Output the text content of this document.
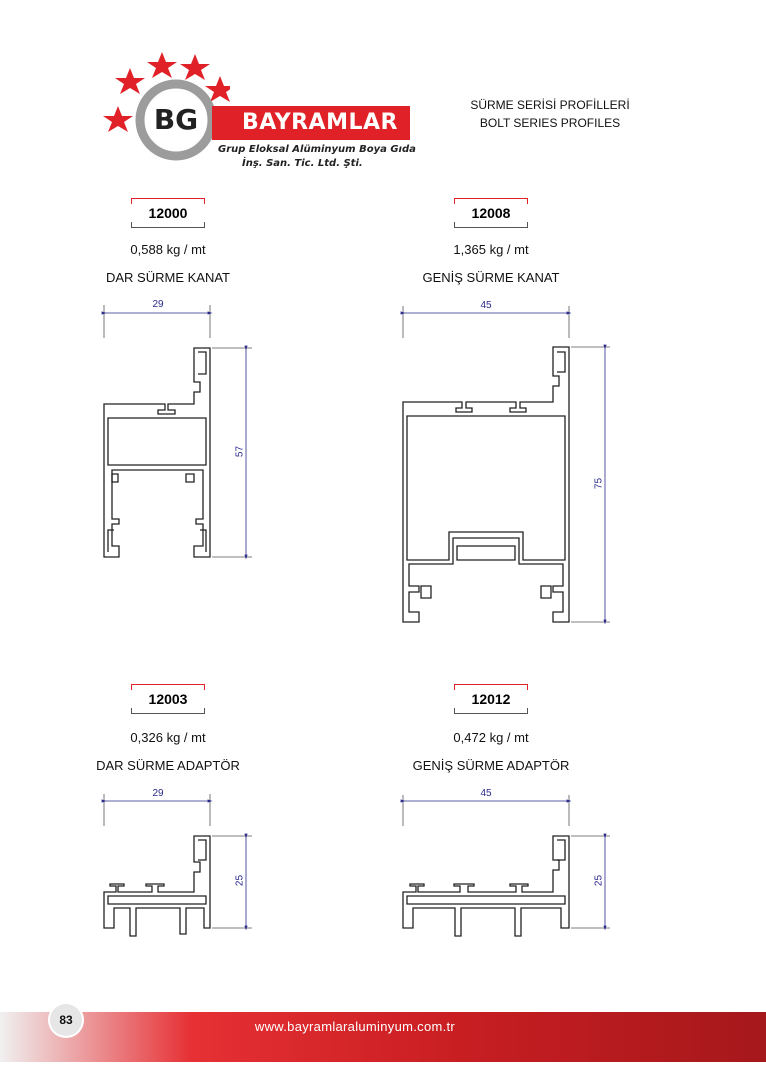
BG	BAYRAMLAR
Grup Eloksal Alüminyum Boya Gıda
İnş. San. Tic. Ltd. Şti.
SÜRME SERİSİ PROFİLLERİ
BOLT SERIES PROFILES
12000
0,588 kg / mt
DAR SÜRME KANAT
12008
1,365 kg / mt
GENİŞ SÜRME KANAT
12003
0,326 kg / mt
DAR SÜRME ADAPTÖR
12012
0,472 kg / mt
GENİŞ SÜRME ADAPTÖR
29
57
45
75
29
25
45
25
www.bayramlaraluminyum.com.tr
83
